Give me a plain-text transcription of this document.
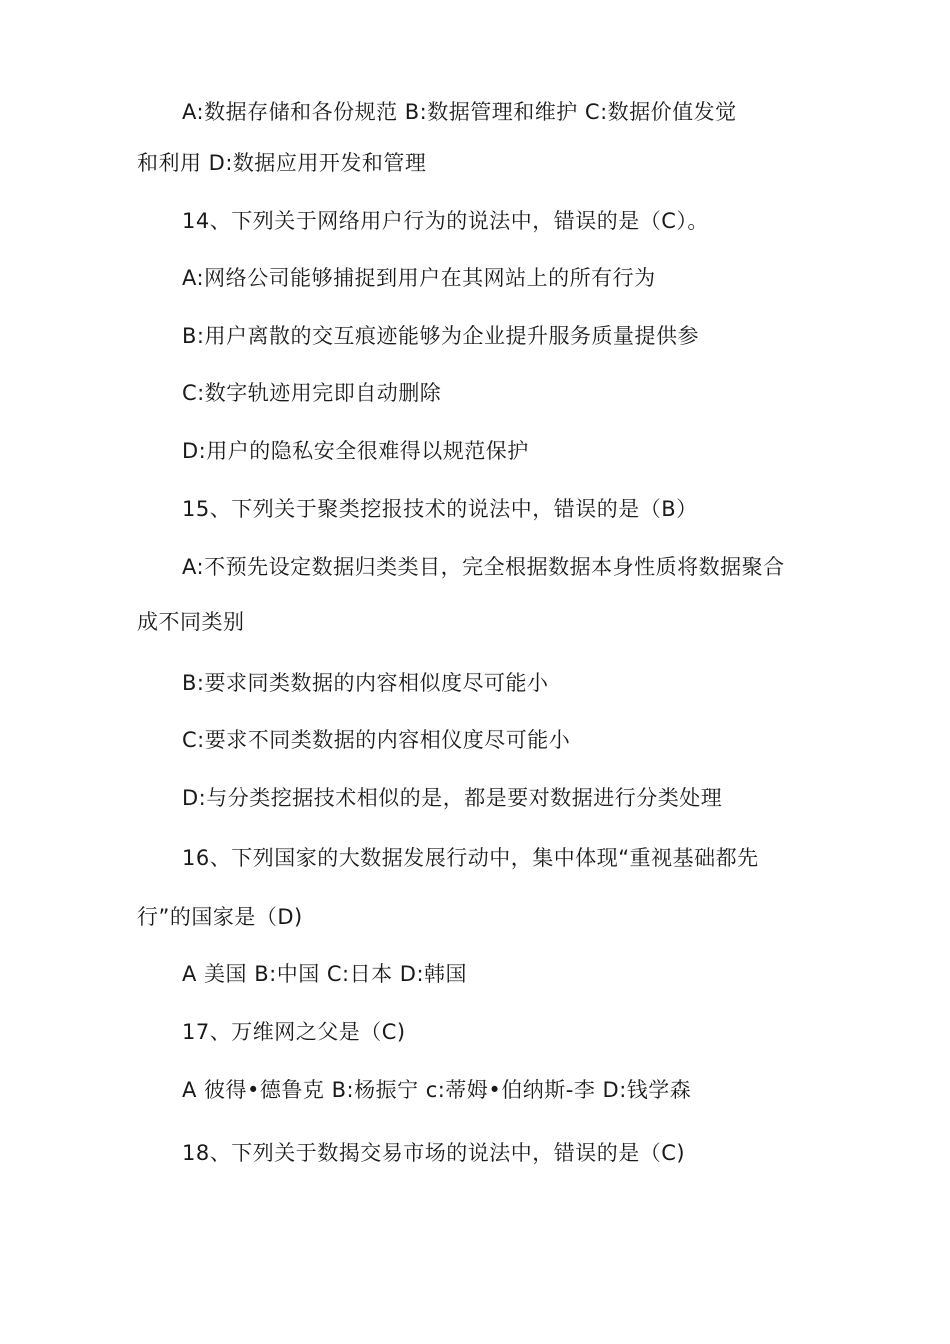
A:数据存储和各份规范 B:数据管理和维护 C:数据价值发觉
和利用 D:数据应用开发和管理
14、下列关于网络用户行为的说法中，错误的是（C）。
A:网络公司能够捕捉到用户在其网站上的所有行为
B:用户离散的交互痕迹能够为企业提升服务质量提供参
C:数字轨迹用完即自动删除
D:用户的隐私安全很难得以规范保护
15、下列关于聚类挖报技术的说法中，错误的是（B）
A:不预先设定数据归类类目，完全根据数据本身性质将数据聚合
成不同类别
B:要求同类数据的内容相似度尽可能小
C:要求不同类数据的内容相仪度尽可能小
D:与分类挖据技术相似的是，都是要对数据进行分类处理
16、下列国家的大数据发展行动中，集中体现“重视基础都先
行”的国家是（D)
A 美国 B:中国 C:日本 D:韩国
17、万维网之父是（C)
A 彼得•德鲁克 B:杨振宁 c:蒂姆•伯纳斯-李 D:钱学森
18、下列关于数揭交易市场的说法中，错误的是（C)
